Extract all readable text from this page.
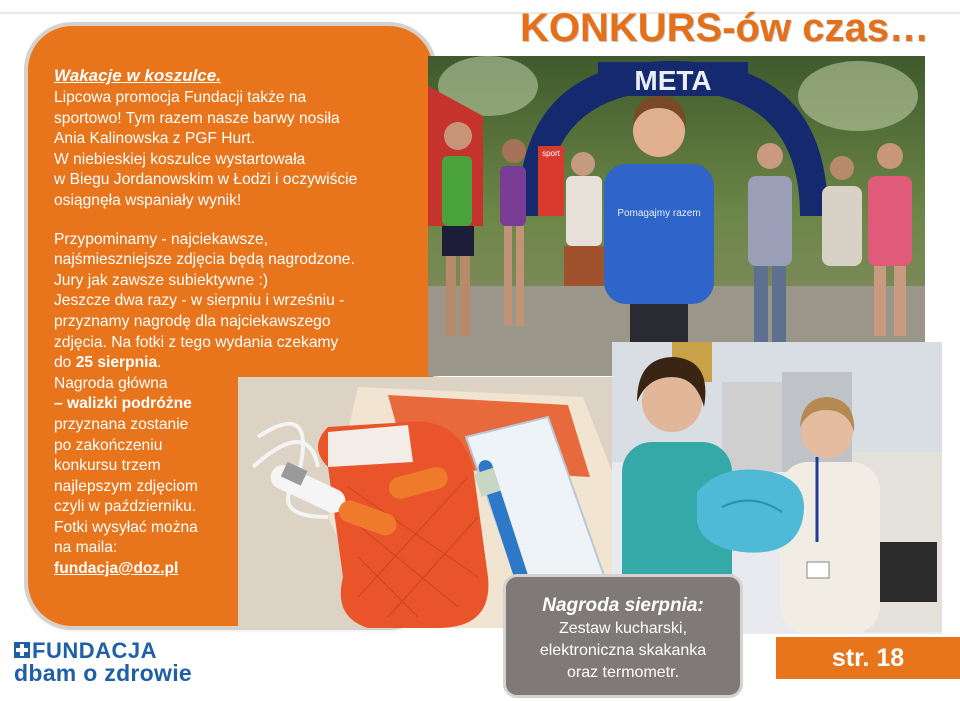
KONKURS-ów czas…
META
sport
Pomagajmy razem

Wakacje w koszulce.

Lipcowa promocja Fundacji także na

sportowo! Tym razem nasze barwy nosiła

Ania Kalinowska z PGF Hurt.

W niebieskiej koszulce wystartowała

w Biegu Jordanowskim w Łodzi i oczywiście

osiągnęła wspaniały wynik!

Przypominamy - najciekawsze,

najśmieszniejsze zdjęcia będą nagrodzone.

Jury jak zawsze subiektywne :)

Jeszcze dwa razy - w sierpniu i wrześniu -

przyznamy nagrodę dla najciekawszego

zdjęcia. Na fotki z tego wydania czekamy

do 25 sierpnia.

Nagroda główna

– walizki podróżne

przyznana zostanie

po zakończeniu

konkursu trzem

najlepszym zdjęciom

czyli w październiku.

Fotki wysyłać można

na maila:

fundacja@doz.pl

Nagroda sierpnia:
Zestaw kucharski,
elektroniczna skakanka
oraz termometr.
str. 18
FUNDACJA
dbam o zdrowie
